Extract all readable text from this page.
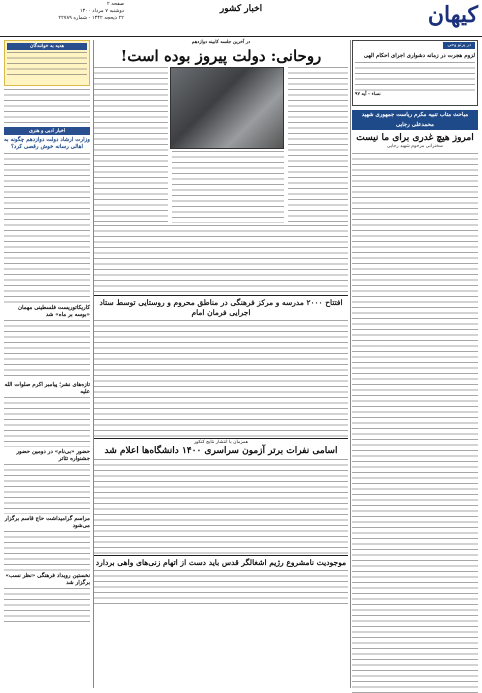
کیهان
اخبار کشور
صفحه ۲
دوشنبه ۷ مرداد ۱۴۰۰
۲۲ ذیحجه ۱۴۴۲ - شماره ۲۲۷۸۹
در پرتو وحی
لزوم هجرت در زمانه دشواری اجرای احکام الهی
نساء - آیه ۹۷
مباحث متاب تنبیه مکرم ریاست جمهوری شهید محمدعلی رجایی
امروز هیچ غدری برای ما نیست
سخنرانی مرحوم شهید رجایی
در آخرین جلسه کابینه دوازدهم
روحانی: دولت پیروز بوده است!
افتتاح ۲۰۰۰ مدرسه و مرکز فرهنگی در مناطق محروم و روستایی توسط ستاد اجرایی فرمان امام
همزمان با انتشار نتایج کنکور
اسامی نفرات برتر آزمون سراسری ۱۴۰۰ دانشگاه‌ها اعلام شد
موجودیت نامشروع رژیم اشغالگر قدس باید دست از اتهام زنی‌های واهی بردارد
هدیه به خوانندگان
اخبار ادبی و هنری
وزارت ارشاد دولت دوازدهم چگونه به اهالی رسانه خوش رقصی کرد؟
کاریکاتوریست فلسطینی مهمان «بوسه بر ماه» شد
تازه‌های نشر؛ پیامبر اکرم صلوات الله علیه
حضور «بی‌نام» در دومین حضور جشنواره تئاتر
مراسم گرامیداشت حاج قاسم برگزار می‌شود
نخستین رویداد فرهنگی «نظر نسب» برگزار شد
